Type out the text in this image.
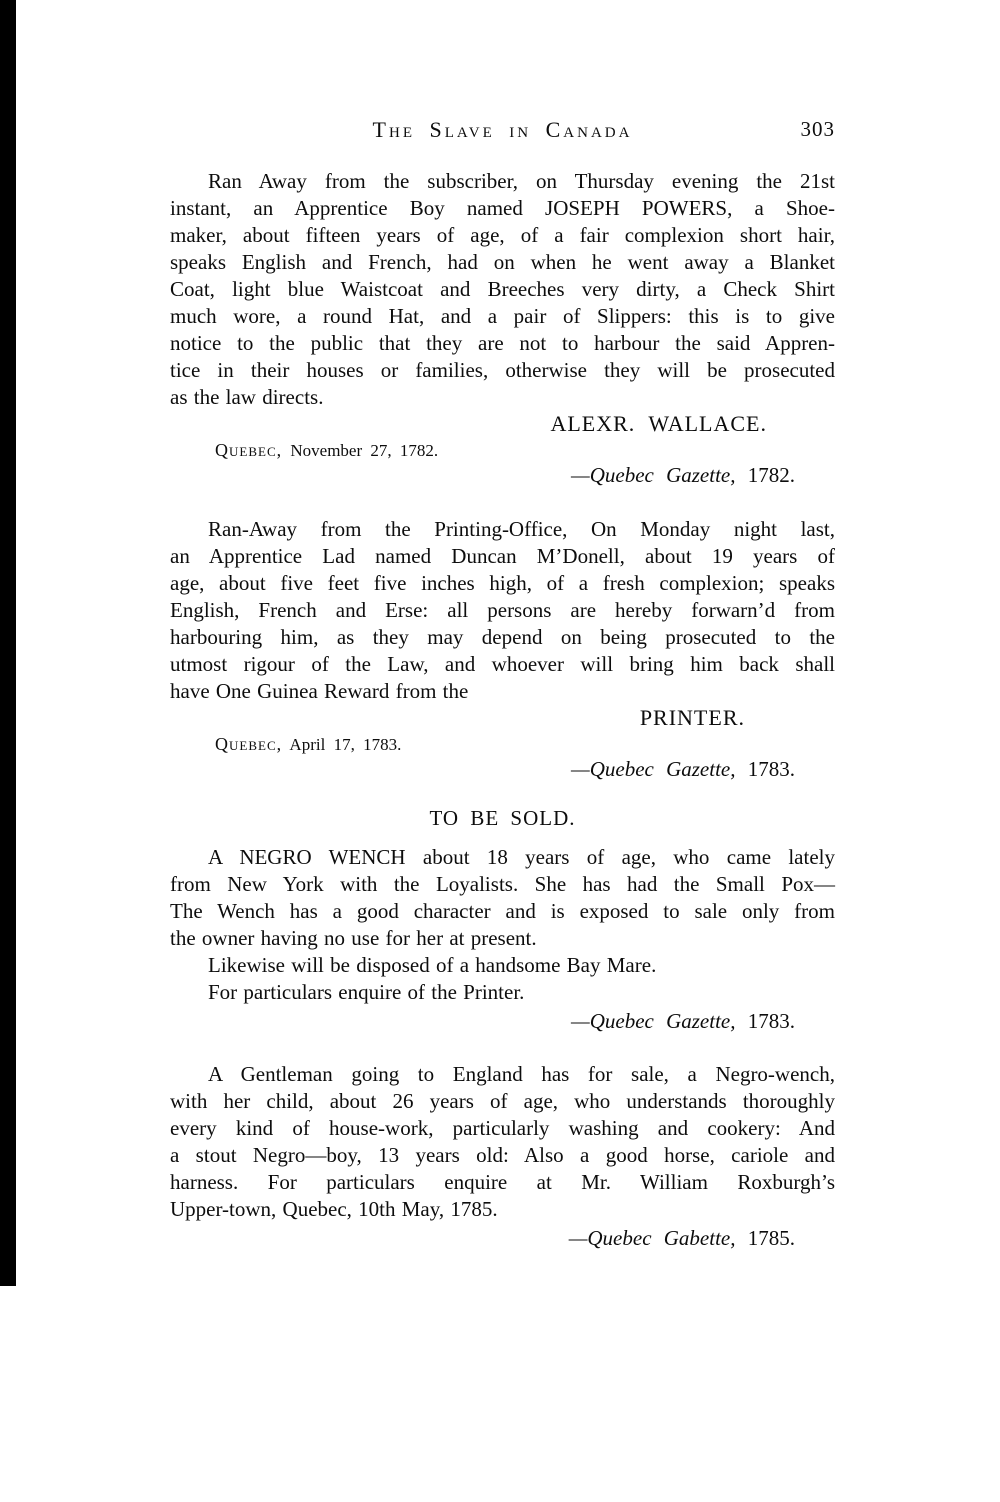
The Slave in Canada	303
Ran Away from the subscriber, on Thursday evening the 21st
instant, an Apprentice Boy named JOSEPH POWERS, a Shoe-
maker, about fifteen years of age, of a fair complexion short hair,
speaks English and French, had on when he went away a Blanket
Coat, light blue Waistcoat and Breeches very dirty, a Check Shirt
much wore, a round Hat, and a pair of Slippers: this is to give
notice to the public that they are not to harbour the said Appren-
tice in their houses or families, otherwise they will be prosecuted
as the law directs.
ALEXR. WALLACE.
Quebec, November 27, 1782.
—Quebec Gazette, 1782.
Ran-Away from the Printing-Office, On Monday night last,
an Apprentice Lad named Duncan M’Donell, about 19 years of
age, about five feet five inches high, of a fresh complexion; speaks
English, French and Erse: all persons are hereby forwarn’d from
harbouring him, as they may depend on being prosecuted to the
utmost rigour of the Law, and whoever will bring him back shall
have One Guinea Reward from the
PRINTER.
Quebec, April 17, 1783.
—Quebec Gazette, 1783.
TO BE SOLD.
A NEGRO WENCH about 18 years of age, who came lately
from New York with the Loyalists. She has had the Small Pox—
The Wench has a good character and is exposed to sale only from
the owner having no use for her at present.
Likewise will be disposed of a handsome Bay Mare.
For particulars enquire of the Printer.
—Quebec Gazette, 1783.
A Gentleman going to England has for sale, a Negro-wench,
with her child, about 26 years of age, who understands thoroughly
every kind of house-work, particularly washing and cookery: And
a stout Negro—boy, 13 years old: Also a good horse, cariole and
harness. For particulars enquire at Mr. William Roxburgh’s
Upper-town, Quebec, 10th May, 1785.
—Quebec Gabette, 1785.
